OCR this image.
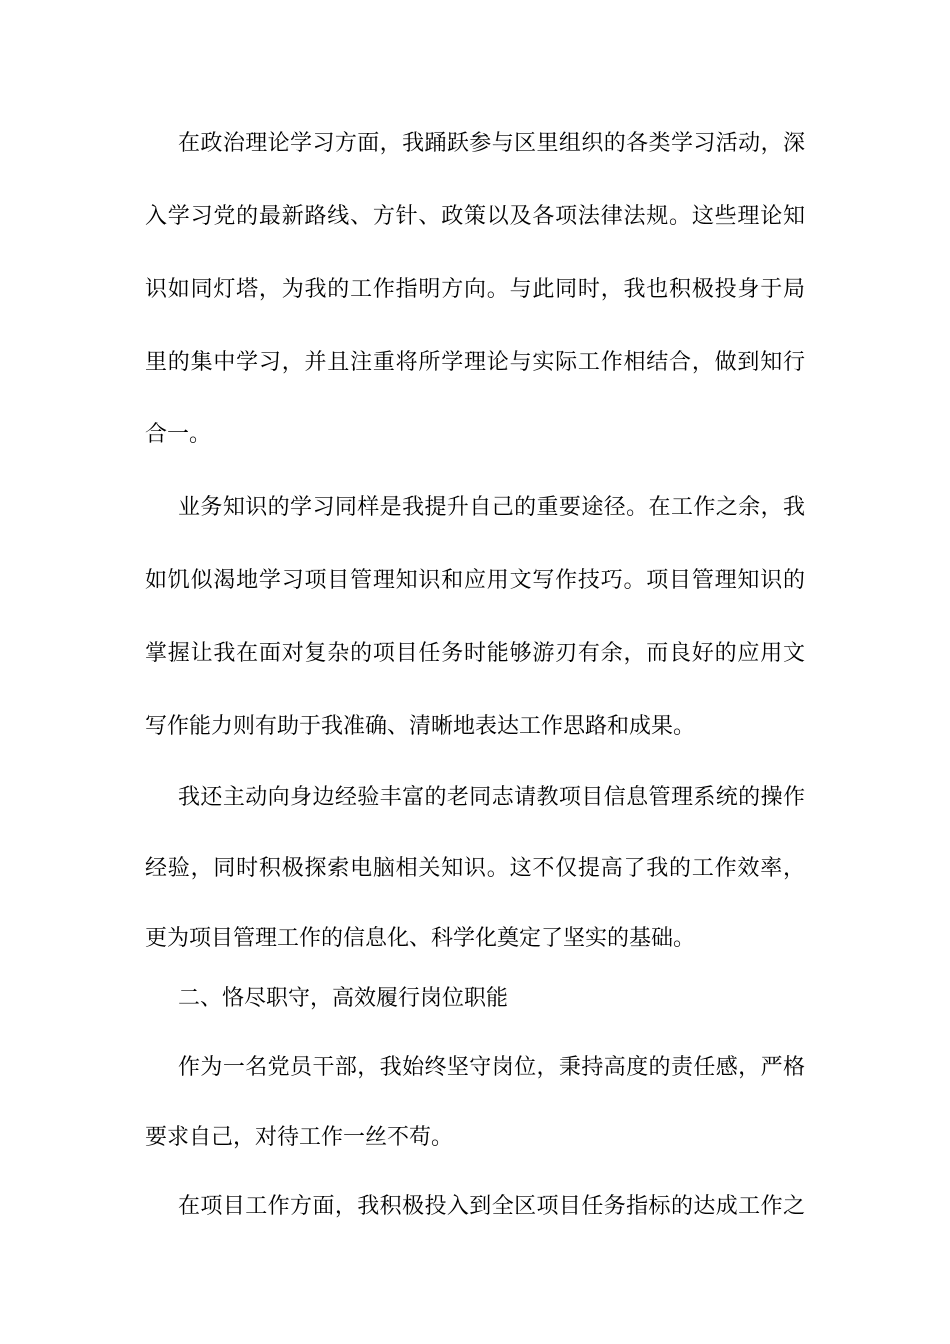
在政治理论学习方面，我踊跃参与区里组织的各类学习活动，深
入学习党的最新路线、方针、政策以及各项法律法规。这些理论知
识如同灯塔，为我的工作指明方向。与此同时，我也积极投身于局
里的集中学习，并且注重将所学理论与实际工作相结合，做到知行
合一。
业务知识的学习同样是我提升自己的重要途径。在工作之余，我
如饥似渴地学习项目管理知识和应用文写作技巧。项目管理知识的
掌握让我在面对复杂的项目任务时能够游刃有余，而良好的应用文
写作能力则有助于我准确、清晰地表达工作思路和成果。
我还主动向身边经验丰富的老同志请教项目信息管理系统的操作
经验，同时积极探索电脑相关知识。这不仅提高了我的工作效率，
更为项目管理工作的信息化、科学化奠定了坚实的基础。
二、恪尽职守，高效履行岗位职能
作为一名党员干部，我始终坚守岗位，秉持高度的责任感，严格
要求自己，对待工作一丝不苟。
在项目工作方面，我积极投入到全区项目任务指标的达成工作之
